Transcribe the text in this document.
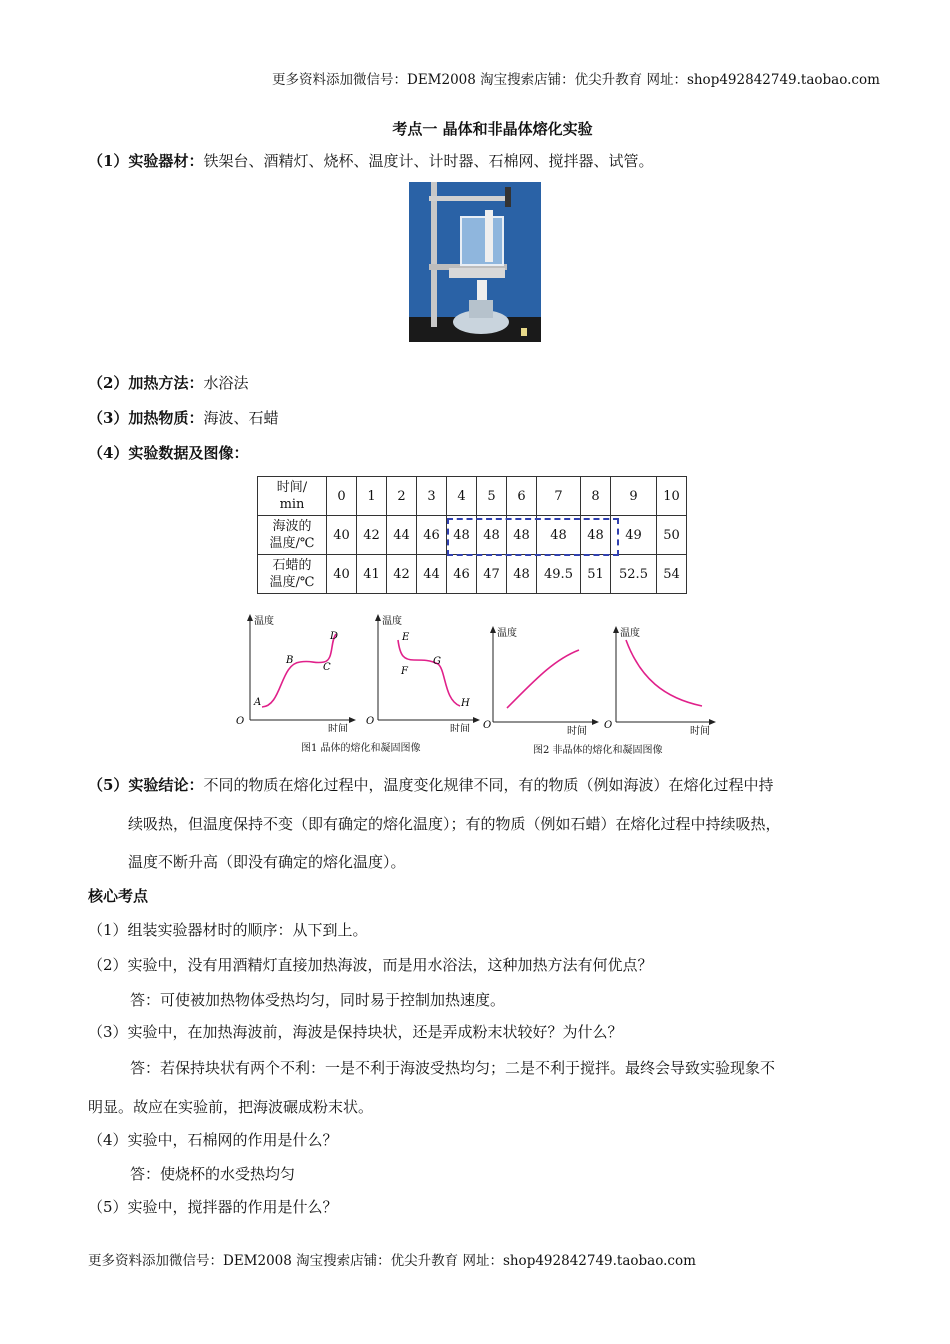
更多资料添加微信号：DEM2008 淘宝搜索店铺：优尖升教育 网址：shop492842749.taobao.com
考点一 晶体和非晶体熔化实验
（1）实验器材：铁架台、酒精灯、烧杯、温度计、计时器、石棉网、搅拌器、试管。
（2）加热方法：水浴法
（3）加热物质：海波、石蜡
（4）实验数据及图像：
时间/
min	0	1	2	3	4	5	6	7	8	9	10

海波的
温度/℃	40	42	44	46	48	48	48	48	48	49	50

石蜡的
温度/℃	40	41	42	44	46	47	48	49.5	51	52.5	54
温度
时间
O
A
B
C
D
温度
时间
O
E
F
G
H
温度
时间
O
温度
时间
O
图1 晶体的熔化和凝固图像	图2 非晶体的熔化和凝固图像
（5）实验结论：不同的物质在熔化过程中，温度变化规律不同，有的物质（例如海波）在熔化过程中持
续吸热，但温度保持不变（即有确定的熔化温度）；有的物质（例如石蜡）在熔化过程中持续吸热，
温度不断升高（即没有确定的熔化温度）。
核心考点
（1）组装实验器材时的顺序：从下到上。
（2）实验中，没有用酒精灯直接加热海波，而是用水浴法，这种加热方法有何优点？
答：可使被加热物体受热均匀，同时易于控制加热速度。
（3）实验中，在加热海波前，海波是保持块状，还是弄成粉末状较好？为什么？
答：若保持块状有两个不利：一是不利于海波受热均匀；二是不利于搅拌。最终会导致实验现象不
明显。故应在实验前，把海波碾成粉末状。
（4）实验中，石棉网的作用是什么？
答：使烧杯的水受热均匀
（5）实验中，搅拌器的作用是什么？
更多资料添加微信号：DEM2008 淘宝搜索店铺：优尖升教育 网址：shop492842749.taobao.com
